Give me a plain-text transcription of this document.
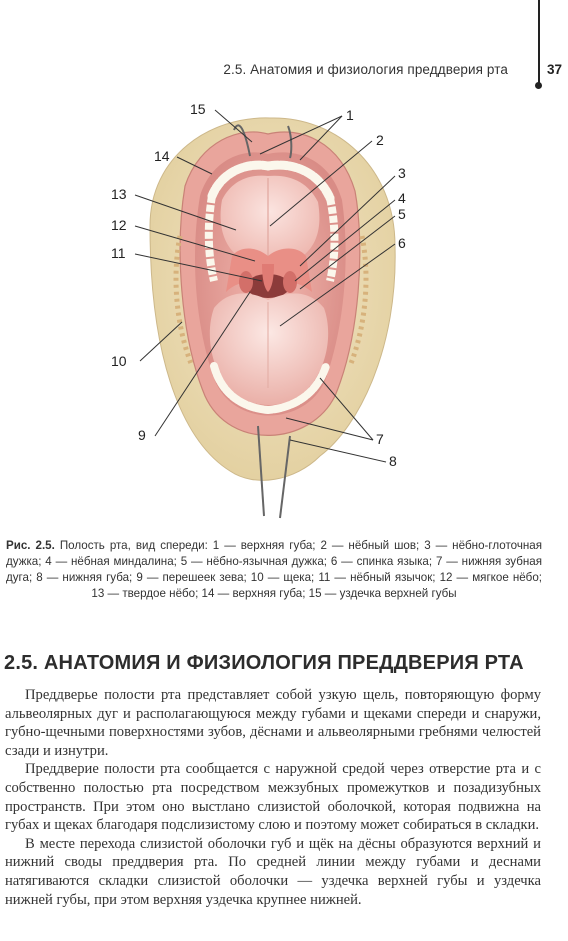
2.5. Анатомия и физиология преддверия рта	37
1
2
3
4
5
6
7
8
9
10
11
12
13
14
15
Рис. 2.5. Полость рта, вид спереди: 1 — верхняя губа; 2 — нёбный шов; 3 — нёбно-глоточная дужка; 4 — нёбная миндалина; 5 — нёбно-язычная дужка; 6 — спинка языка; 7 — нижняя зубная дуга; 8 — нижняя губа; 9 — перешеек зева; 10 — щека; 11 — нёбный язычок; 12 — мягкое нёбо; 13 — твердое нёбо; 14 — верхняя губа; 15 — уздечка верхней губы
2.5. АНАТОМИЯ И ФИЗИОЛОГИЯ ПРЕДДВЕРИЯ РТА

Преддверье полости рта представляет собой узкую щель, повторяющую форму альвеолярных дуг и располагающуюся между губами и щеками спереди и снаружи, губно-щечными поверхностями зубов, дёснами и альвеолярными гребнями челюстей сзади и изнутри.

Преддверие полости рта сообщается с наружной средой через отверстие рта и с собственно полостью рта посредством межзубных промежутков и позадизубных пространств. При этом оно выстлано слизистой оболочкой, которая подвижна на губах и щеках благодаря подслизистому слою и поэтому может собираться в складки.

В месте перехода слизистой оболочки губ и щёк на дёсны образуются верхний и нижний своды преддверия рта. По средней линии между губами и деснами натягиваются складки слизистой оболочки — уздечка верхней губы и уздечка нижней губы, при этом верхняя уздечка крупнее нижней.
